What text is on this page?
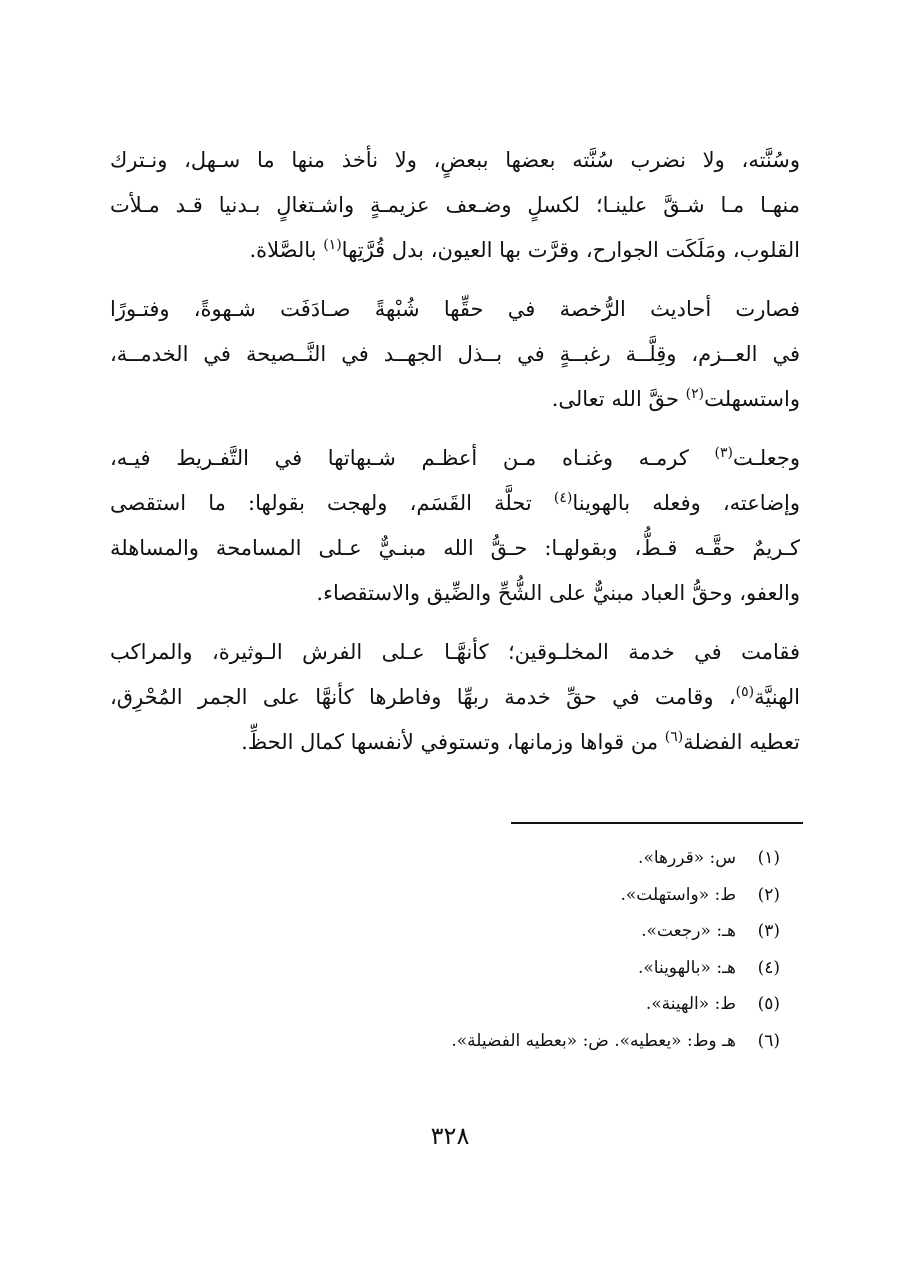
وسُنَّته، ولا نضرب سُنَّته بعضها ببعضٍ، ولا نأخذ منها ما سـهل، ونـترك
منهـا مـا شـقَّ علينـا؛ لكسلٍ وضـعف عزيمـةٍ واشـتغالٍ بـدنيا قـد مـلأت
القلوب، ومَلَكَت الجوارح، وقرَّت بها العيون، بدل قُرَّتِها$^{(١)}$ بالصَّلاة.
فصارت أحاديث الرُّخصة في حقِّها شُبْهةً صـادَفَت شـهوةً، وفتـورًا
في العــزم، وقِلَّــة رغبــةٍ في بــذل الجهــد في النَّــصيحة في الخدمــة،
واستسهلت$^{(٢)}$ حقَّ الله تعالى.
وجعلـت$^{(٣)}$ كرمـه وغنـاه مـن أعظـم شـبهاتها في التَّفـريط فيـه،
وإضاعته، وفعله بالهوينا$^{(٤)}$ تحلَّة القَسَم، ولهجت بقولها: ما استقصى
كـريمٌ حقَّـه قـطُّ، وبقولهـا: حـقُّ الله مبنـيٌّ عـلى المسامحة والمساهلة
والعفو، وحقُّ العباد مبنيٌّ على الشُّحِّ والضِّيق والاستقصاء.
فقامت في خدمة المخلـوقين؛ كأنهَّـا عـلى الفرش الـوثيرة، والمراكب
الهنيَّة$^{(٥)}$، وقامت في حقِّ خدمة ربهِّا وفاطرها كأنهَّا على الجمر المُحْرِق،
تعطيه الفضلة$^{(٦)}$ من قواها وزمانها، وتستوفي لأنفسها كمال الحظِّ.
(١)س: «قررها».
(٢)ط: «واستهلت».
(٣)هـ: «رجعت».
(٤)هـ: «بالهوينا».
(٥)ط: «الهينة».
(٦)هـ وط: «يعطيه». ض: «بعطيه الفضيلة».
٣٢٨
